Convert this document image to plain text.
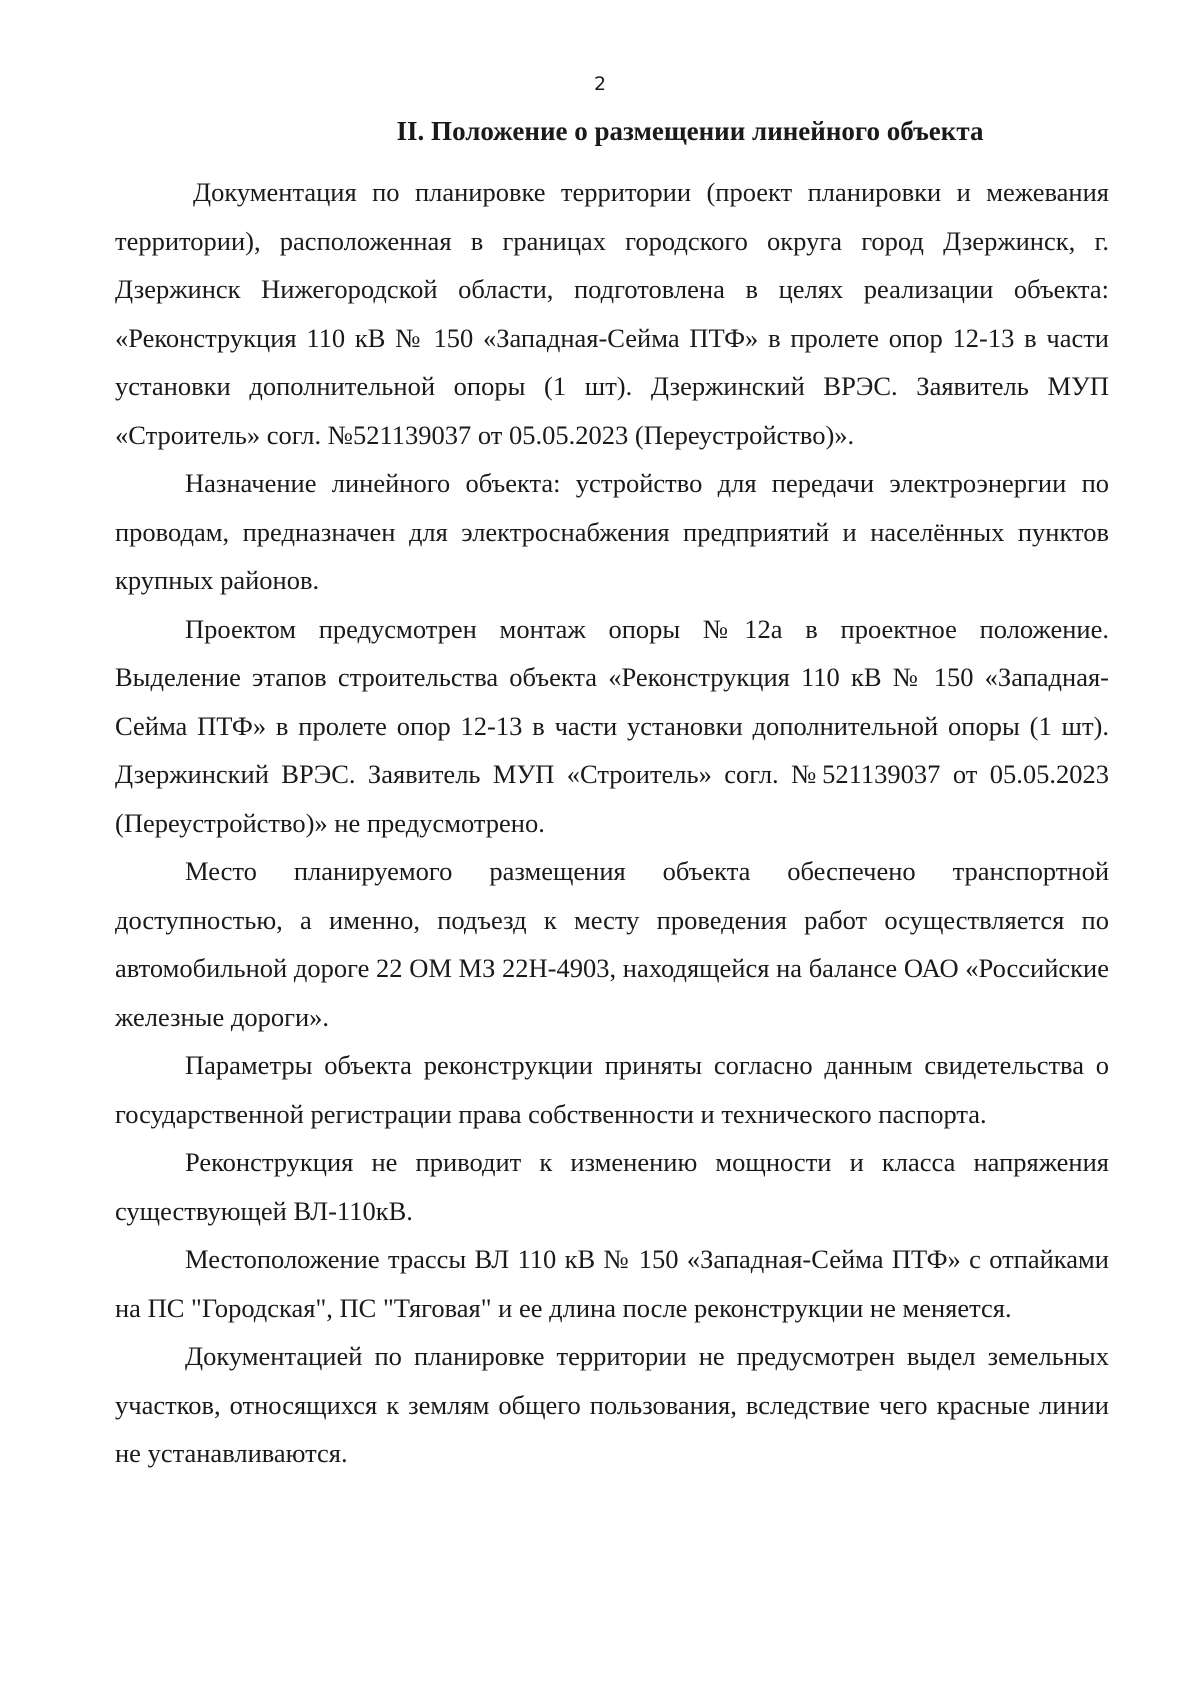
2
II. Положение о размещении линейного объекта

Документация по планировке территории (проект планировки и межевания территории), расположенная в границах городского округа город Дзержинск, г. Дзержинск Нижегородской области, подготовлена в целях реализации объекта: «Реконструкция 110 кВ № 150 «Западная-Сейма ПТФ» в пролете опор 12-13 в части установки дополнительной опоры (1 шт). Дзержинский ВРЭС. Заявитель МУП «Строитель» согл. №521139037 от 05.05.2023 (Переустройство)».

Назначение линейного объекта: устройство для передачи электроэнергии по проводам, предназначен для электроснабжения предприятий и населённых пунктов крупных районов.

Проектом предусмотрен монтаж опоры №12а в проектное положение. Выделение этапов строительства объекта «Реконструкция 110 кВ № 150 «Западная-Сейма ПТФ» в пролете опор 12-13 в части установки дополнительной опоры (1 шт). Дзержинский ВРЭС. Заявитель МУП «Строитель» согл. №521139037 от 05.05.2023 (Переустройство)» не предусмотрено.

Место планируемого размещения объекта обеспечено транспортной доступностью, а именно, подъезд к месту проведения работ осуществляется по автомобильной дороге 22 ОМ МЗ 22Н-4903, находящейся на балансе ОАО «Российские железные дороги».

Параметры объекта реконструкции приняты согласно данным свидетельства о государственной регистрации права собственности и технического паспорта.

Реконструкция не приводит к изменению мощности и класса напряжения существующей ВЛ-110кВ.

Местоположение трассы ВЛ 110 кВ № 150 «Западная-Сейма ПТФ» с отпайками на ПС "Городская", ПС "Тяговая" и ее длина после реконструкции не меняется.

Документацией по планировке территории не предусмотрен выдел земельных участков, относящихся к землям общего пользования, вследствие чего красные линии не устанавливаются.
